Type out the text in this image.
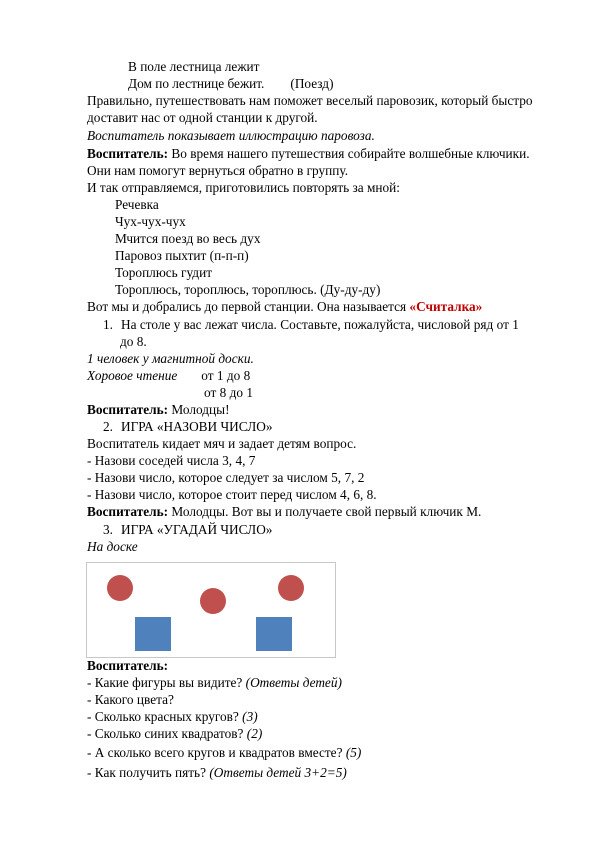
В поле лестница лежит
Дом по лестнице бежит. (Поезд)
Правильно, путешествовать нам поможет веселый паровозик, который быстро
доставит нас от одной станции к другой.
Воспитатель показывает иллюстрацию паровоза.
Воспитатель: Во время нашего путешествия собирайте волшебные ключики.
Они нам помогут вернуться обратно в группу.
И так отправляемся, приготовились повторять за мной:
Речевка
Чух-чух-чух
Мчится поезд во весь дух
Паровоз пыхтит (п-п-п)
Тороплюсь гудит
Тороплюсь, тороплюсь, тороплюсь. (Ду-ду-ду)
Вот мы и добрались до первой станции. Она называется «Считалка»
1. На столе у вас лежат числа. Составьте, пожалуйста, числовой ряд от 1
до 8.
1 человек у магнитной доски.
Хоровое чтение от 1 до 8
от 8 до 1
Воспитатель: Молодцы!
2. ИГРА «НАЗОВИ ЧИСЛО»
Воспитатель кидает мяч и задает детям вопрос.
- Назови соседей числа 3, 4, 7
- Назови число, которое следует за числом 5, 7, 2
- Назови число, которое стоит перед числом 4, 6, 8.
Воспитатель: Молодцы. Вот вы и получаете свой первый ключик М.
3. ИГРА «УГАДАЙ ЧИСЛО»
На доске
Воспитатель:
- Какие фигуры вы видите? (Ответы детей)
- Какого цвета?
- Сколько красных кругов? (3)
- Сколько синих квадратов? (2)
- А сколько всего кругов и квадратов вместе? (5)
- Как получить пять? (Ответы детей 3+2=5)
